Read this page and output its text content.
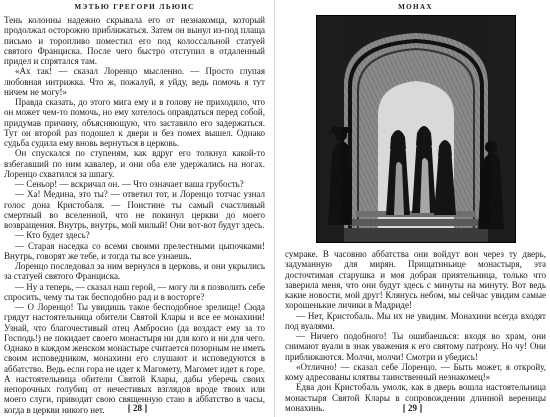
МЭТЬЮ ГРЕГОРИ ЛЬЮИС

Тень колонны надежно скрывала его от незнакомца, который продолжал осторожно приближаться. Затем он вынул из-под плаща письмо и торопливо поместил его под колоссальной статуей святого Франциска. После чего быстро отступил в отдаленный придел и спрятался там.

«Ах так! — сказал Лоренцо мысленно. — Просто глупая любовная интрижка. Что ж, пожалуй, я уйду, ведь помочь я тут ничем не могу!»

Правда сказать, до этого мига ему и в голову не приходило, что он может чем-то помочь, но ему хотелось оправдаться перед собой, придумав причину, объясняющую, что заставило его задержаться. Тут он второй раз подошел к двери и без помех вышел. Однако судьба судила ему вновь вернуться в церковь.

Он спускался по ступеням, как вдруг его толкнул какой-то взбегавший по ним кавалер, и они оба еле удержались на ногах. Лоренцо схватился за шпагу.

— Сеньор! — вскричал он. — Что означает ваша грубость?

— Ха! Медина, это ты? — ответил тот, и Лоренцо тотчас узнал голос дона Кристобаля. — Поистине ты самый счастливый смертный во вселенной, что не покинул церкви до моего возвращения. Внутрь, внутрь, мой милый! Они вот-вот будут здесь.

— Кто будет здесь?

— Старая наседка со всеми своими прелестными цыпочками! Внутрь, говорят же тебе, и тогда ты все узнаешь.

Лоренцо последовал за ним вернулся в церковь, и они укрылись за статуей святого Франциска.

— Ну а теперь, — сказал наш герой, — могу ли я позволить себе спросить, чему ты так бесподобно рад и в восторге?

— О Лоренцо! Ты увидишь такое бесподобное зрелище! Сюда грядут настоятельница обители Святой Клары и все ее монахини! Узнай, что благочестивый отец Амбросио (да воздаст ему за то Господь!) не покидает своего монастыря ни для кого и ни для чего. Однако в каждом женском монастыре считается позорным не иметь своим исповедником, монахини его слушают и исповедуются в аббатство. Ведь если гора не идет к Магомету, Магомет идет к горе. А настоятельница обители Святой Клары, дабы уберечь своих непорочных голубиц от нечестивых взглядов вроде твоих или моего слуги, приводит свою священную стаю в аббатство в часы, когда в церкви никого нет.	[ 28 ]
МОНАХ

сумраке. В часовню аббатства они войдут вон через ту дверь, задуманную для мирян. Прищатиньице монастыря, эта досточтимая старушка и моя добрая приятельница, только что заверила меня, что они будут здесь с минуты на минуту. Вот ведь какие новости, мой друг! Клянусь небом, мы сейчас увидим самые хорошенькие личики в Мадриде!

— Нет, Кристобаль. Мы их не увидим. Монахини всегда входят под вуалями.

— Ничего подобного! Ты ошибаешься: входя во храм, они снимают вуали в знак уважения к его святому патрону. Но чу! Они приближаются. Молчи, молчи! Смотри и убедись!

«Отлично! — сказал себе Лоренцо. — Быть может, я откройу, кому адресованы клятвы таинственный незнакомец!»

Едва дон Кристобаль умолк, как в дверь вошла настоятельница монастыря Святой Клары в сопровождении длинной вереницы монахинь.	[ 29 ]
